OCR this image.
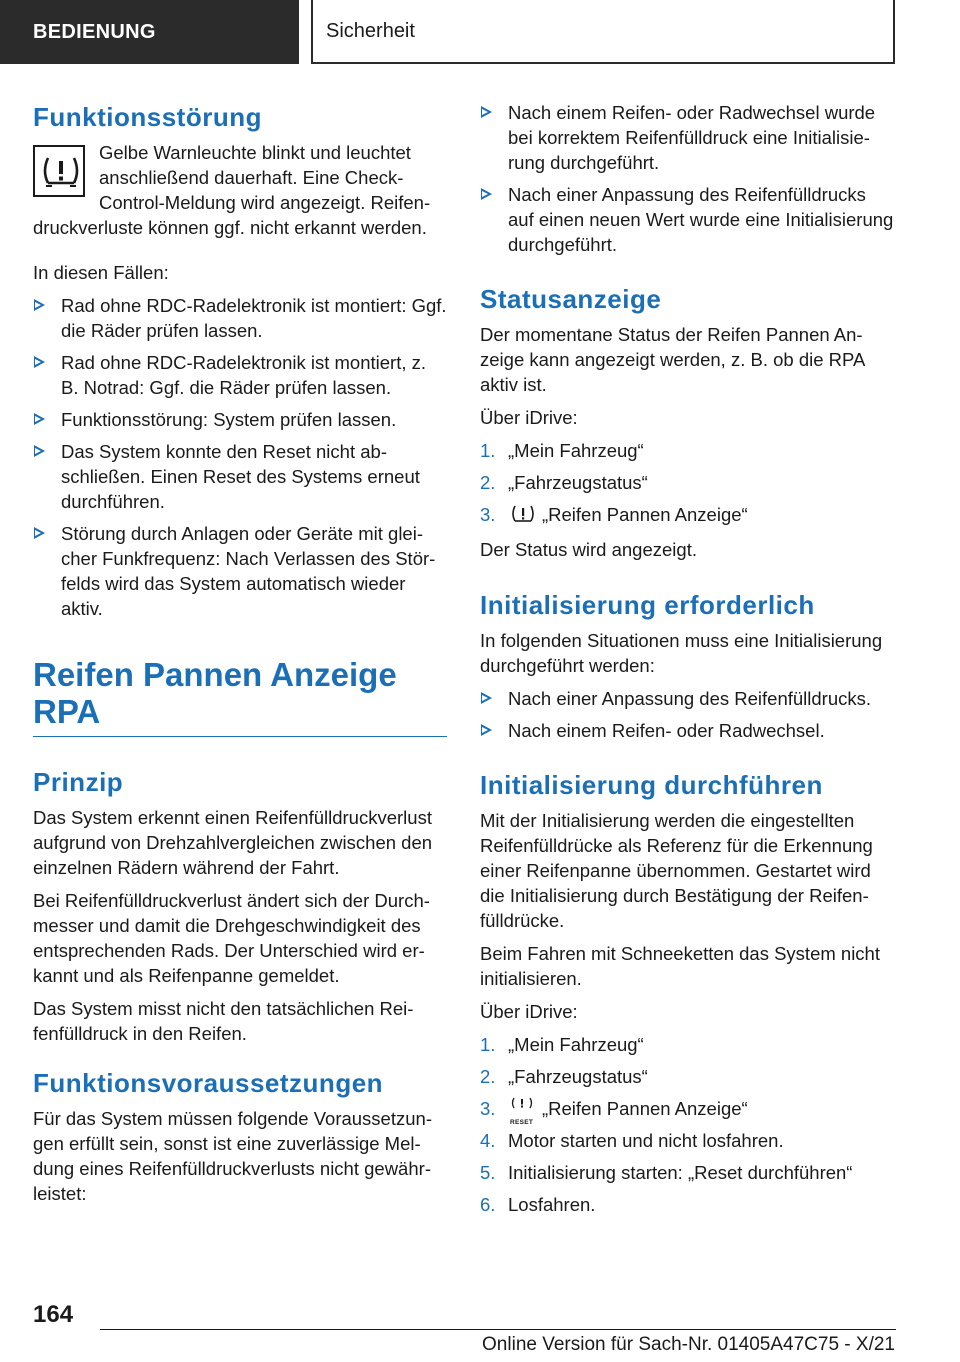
BEDIENUNG	Sicherheit
Funktionsstörung

Gelbe Warnleuchte blinkt und leuchtet anschließend dauerhaft. Eine Check-Control-Meldung wird angezeigt. Reifendruckverluste können ggf. nicht erkannt werden.

In diesen Fällen:

Rad ohne RDC-Radelektronik ist montiert: Ggf. die Räder prüfen lassen.
Rad ohne RDC-Radelektronik ist montiert, z. B. Notrad: Ggf. die Räder prüfen lassen.
Funktionsstörung: System prüfen lassen.
Das System konnte den Reset nicht abschließen. Einen Reset des Systems erneut durchführen.
Störung durch Anlagen oder Geräte mit gleicher Funkfrequenz: Nach Verlassen des Störfelds wird das System automatisch wieder aktiv.
Reifen Pannen Anzeige RPA
Prinzip

Das System erkennt einen Reifenfülldruckverlust aufgrund von Drehzahlvergleichen zwischen den einzelnen Rädern während der Fahrt.

Bei Reifenfülldruckverlust ändert sich der Durchmesser und damit die Drehgeschwindigkeit des entsprechenden Rads. Der Unterschied wird erkannt und als Reifenpanne gemeldet.

Das System misst nicht den tatsächlichen Reifenfülldruck in den Reifen.

Funktionsvoraussetzungen

Für das System müssen folgende Voraussetzungen erfüllt sein, sonst ist eine zuverlässige Meldung eines Reifenfülldruckverlusts nicht gewährleistet:

Nach einem Reifen- oder Radwechsel wurde bei korrektem Reifenfülldruck eine Initialisierung durchgeführt.
Nach einer Anpassung des Reifenfülldrucks auf einen neuen Wert wurde eine Initialisierung durchgeführt.
Statusanzeige

Der momentane Status der Reifen Pannen Anzeige kann angezeigt werden, z. B. ob die RPA aktiv ist.

Über iDrive:

1. „Mein Fahrzeug“
2. „Fahrzeugstatus“
3.	„Reifen Pannen Anzeige“

Der Status wird angezeigt.

Initialisierung erforderlich

In folgenden Situationen muss eine Initialisierung durchgeführt werden:

Nach einer Anpassung des Reifenfülldrucks.
Nach einem Reifen- oder Radwechsel.
Initialisierung durchführen

Mit der Initialisierung werden die eingestellten Reifenfülldrücke als Referenz für die Erkennung einer Reifenpanne übernommen. Gestartet wird die Initialisierung durch Bestätigung der Reifenfülldrücke.

Beim Fahren mit Schneeketten das System nicht initialisieren.

Über iDrive:

1. „Mein Fahrzeug“
2. „Fahrzeugstatus“
3.
RESET
„Reifen Pannen Anzeige“
4. Motor starten und nicht losfahren.
5. Initialisierung starten: „Reset durchführen“
6. Losfahren.
164
Online Version für Sach-Nr. 01405A47C75 - X/21
